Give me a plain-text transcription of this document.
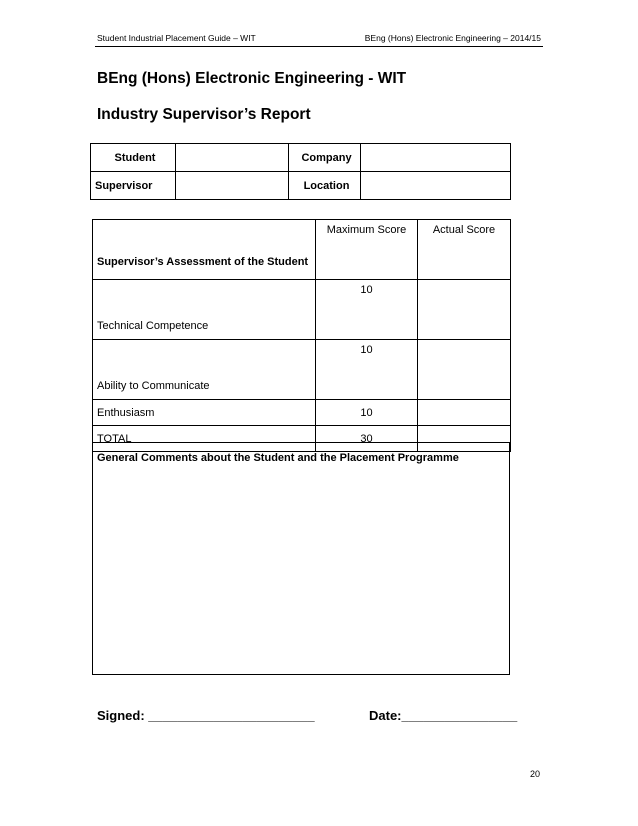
Student Industrial Placement Guide – WIT	BEng (Hons) Electronic Engineering – 2014/15
BEng (Hons) Electronic Engineering - WIT
Industry Supervisor’s Report
Student		Company	
Supervisor		Location	
Supervisor’s Assessment of the Student	Maximum Score	Actual Score
Technical Competence	10	
Ability to Communicate	10	
Enthusiasm	10	
TOTAL	30	
General Comments about the Student and the Placement Programme
Signed: _______________________	Date:________________
20
